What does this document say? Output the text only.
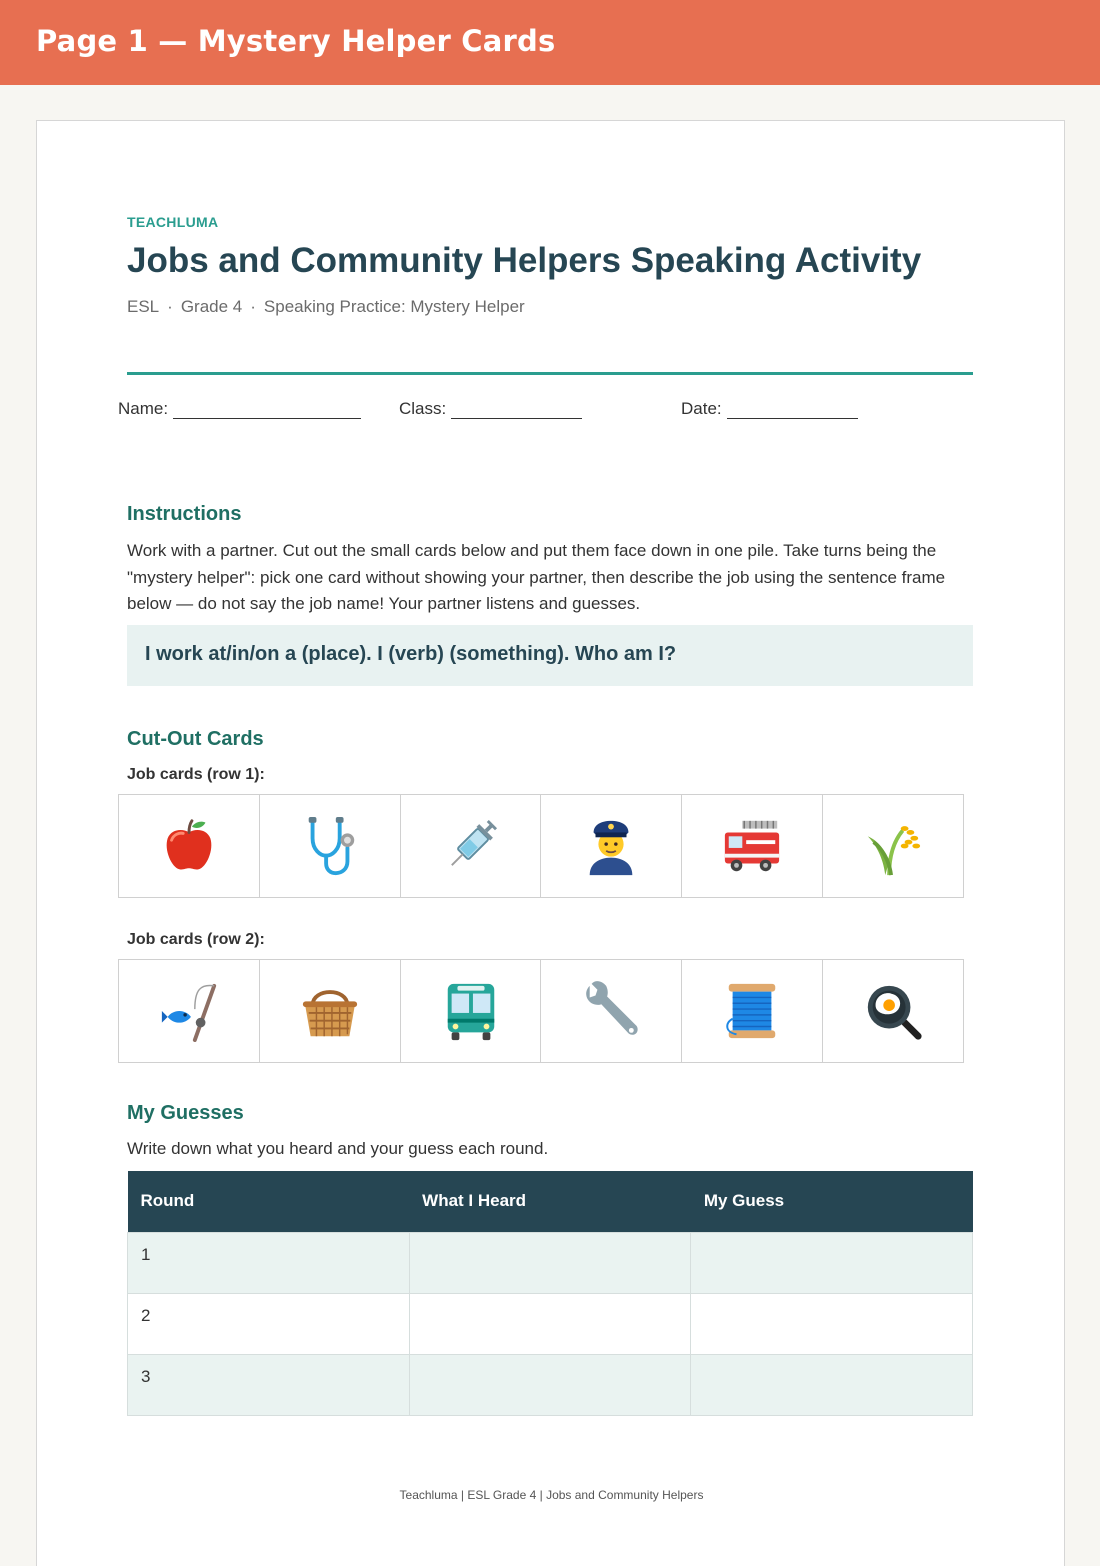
Page 1 — Mystery Helper Cards
TEACHLUMA
Jobs and Community Helpers Speaking Activity
ESL · Grade 4 · Speaking Practice: Mystery Helper
Name:	Class:	Date:
Instructions
Work with a partner. Cut out the small cards below and put them face down in one pile. Take turns being the "mystery helper": pick one card without showing your partner, then describe the job using the sentence frame below — do not say the job name! Your partner listens and guesses.
I work at/in/on a (place). I (verb) (something). Who am I?
Cut-Out Cards
Job cards (row 1):
Job cards (row 2):
My Guesses
Write down what you heard and your guess each round.
Round	What I Heard	My Guess
1		
2		
3		
Teachluma | ESL Grade 4 | Jobs and Community Helpers
